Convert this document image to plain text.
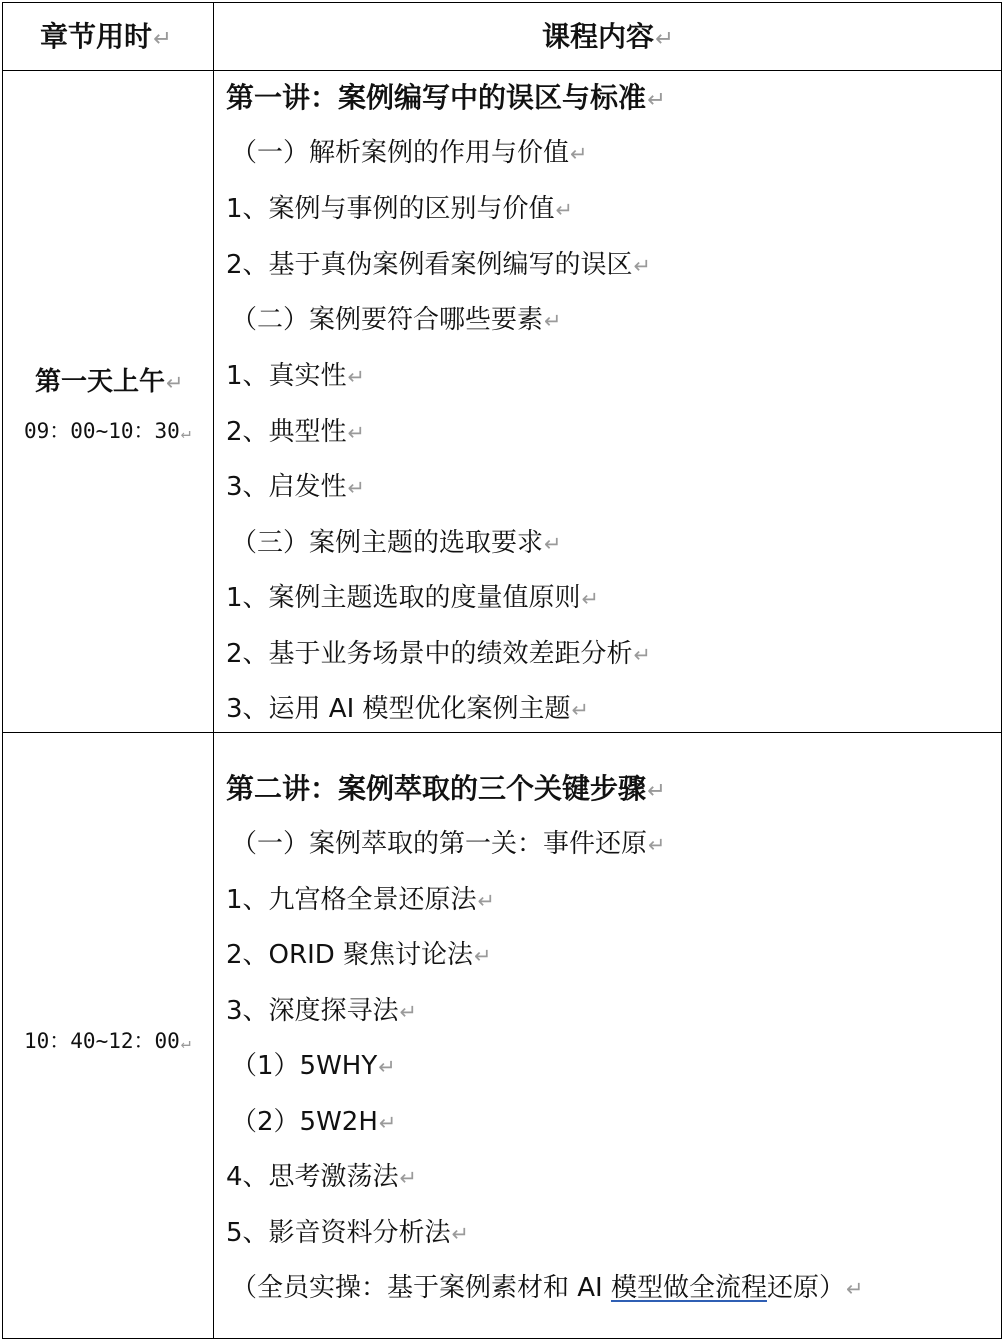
章节用时↵	课程内容↵
第一天上午↵
09：00~10：30↵
第一讲：案例编写中的误区与标准↵
（一）解析案例的作用与价值↵
1、案例与事例的区别与价值↵
2、基于真伪案例看案例编写的误区↵
（二）案例要符合哪些要素↵
1、真实性↵
2、典型性↵
3、启发性↵
（三）案例主题的选取要求↵
1、案例主题选取的度量值原则↵
2、基于业务场景中的绩效差距分析↵
3、运用 AI 模型优化案例主题↵
10：40~12：00↵
第二讲：案例萃取的三个关键步骤↵
（一）案例萃取的第一关：事件还原↵
1、九宫格全景还原法↵
2、ORID 聚焦讨论法↵
3、深度探寻法↵
（1）5WHY↵
（2）5W2H↵
4、思考激荡法↵
5、影音资料分析法↵
（全员实操：基于案例素材和 AI 模型做全流程还原）↵
